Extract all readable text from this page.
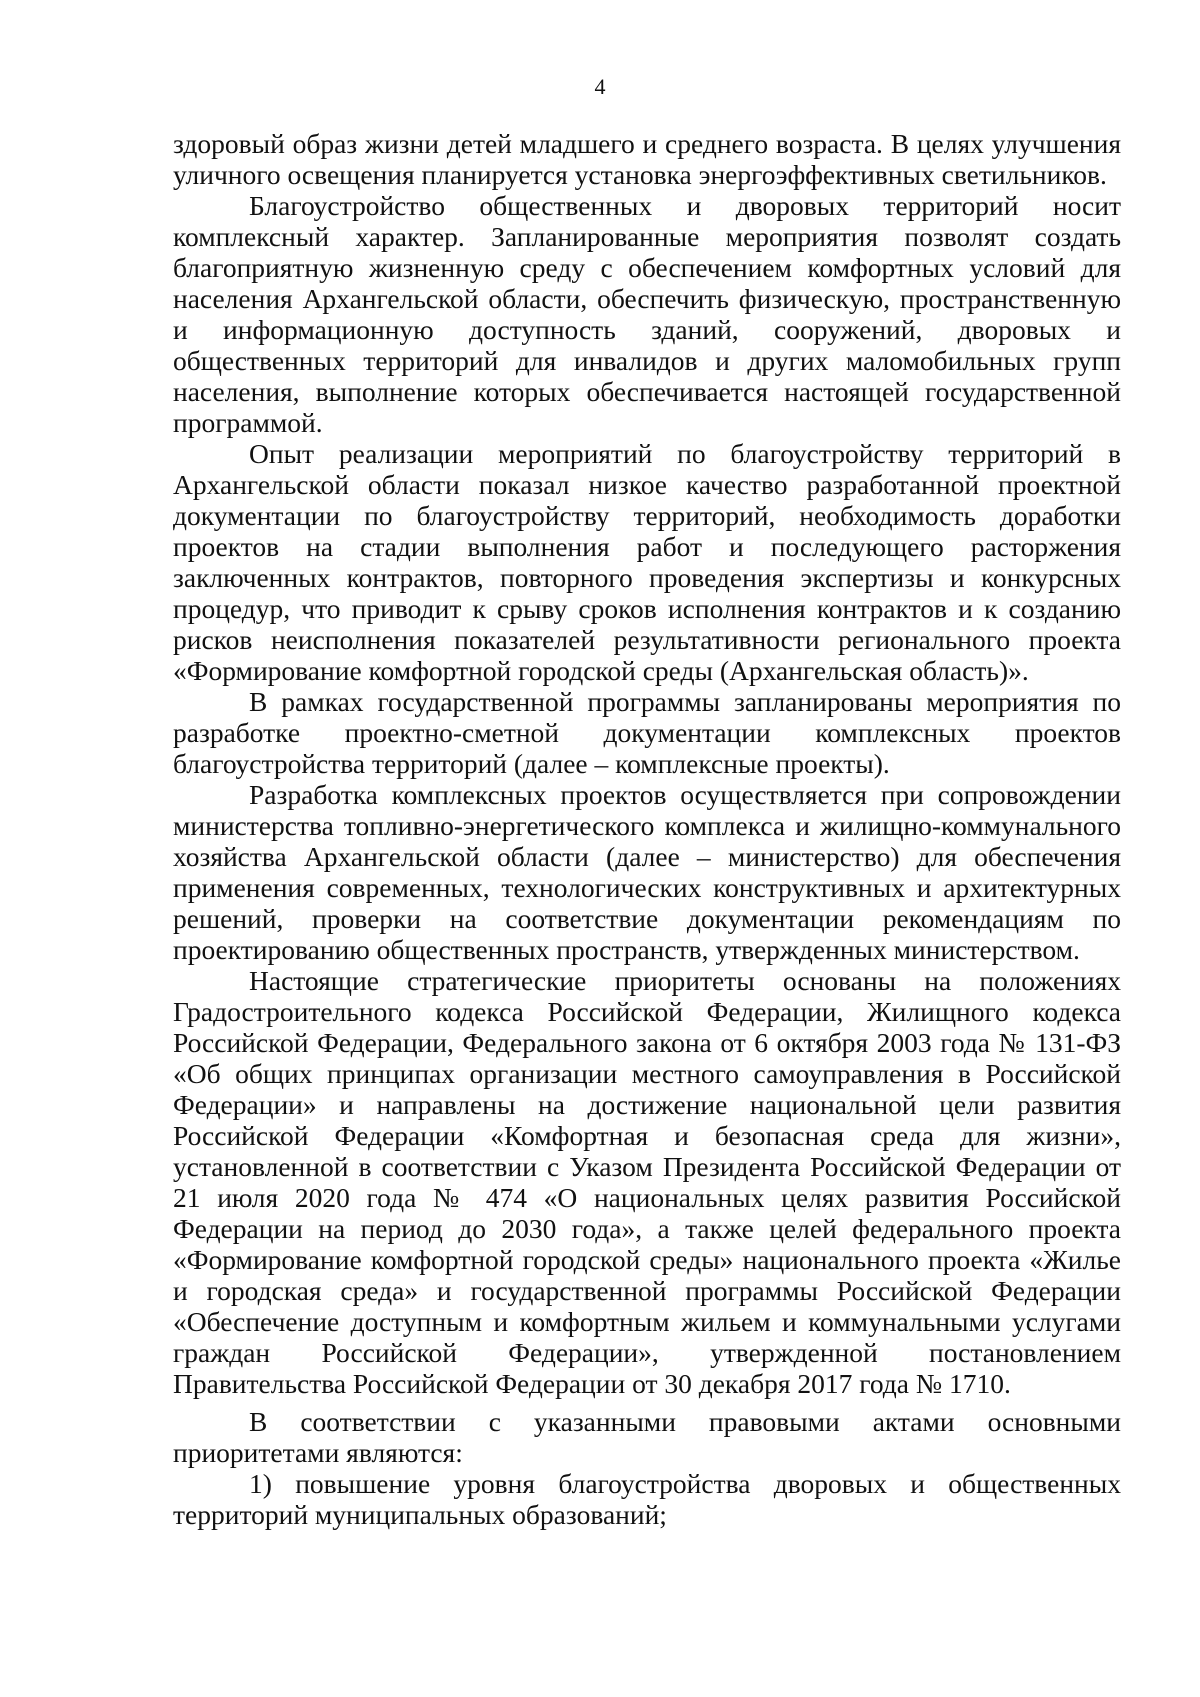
4

здоровый образ жизни детей младшего и среднего возраста. В целях улучшения уличного освещения планируется установка энергоэффективных светильников.

Благоустройство общественных и дворовых территорий носит комплексный характер. Запланированные мероприятия позволят создать благоприятную жизненную среду с обеспечением комфортных условий для населения Архангельской области, обеспечить физическую, пространственную и информационную доступность зданий, сооружений, дворовых и общественных территорий для инвалидов и других маломобильных групп населения, выполнение которых обеспечивается настоящей государственной программой.

Опыт реализации мероприятий по благоустройству территорий в Архангельской области показал низкое качество разработанной проектной документации по благоустройству территорий, необходимость доработки проектов на стадии выполнения работ и последующего расторжения заключенных контрактов, повторного проведения экспертизы и конкурсных процедур, что приводит к срыву сроков исполнения контрактов и к созданию рисков неисполнения показателей результативности регионального проекта «Формирование комфортной городской среды (Архангельская область)».

В рамках государственной программы запланированы мероприятия по разработке проектно-сметной документации комплексных проектов благоустройства территорий (далее – комплексные проекты).

Разработка комплексных проектов осуществляется при сопровождении министерства топливно-энергетического комплекса и жилищно-коммунального хозяйства Архангельской области (далее – министерство) для обеспечения применения современных, технологических конструктивных и архитектурных решений, проверки на соответствие документации рекомендациям по проектированию общественных пространств, утвержденных министерством.

Настоящие стратегические приоритеты основаны на положениях Градостроительного кодекса Российской Федерации, Жилищного кодекса Российской Федерации, Федерального закона от 6 октября 2003 года № 131-ФЗ «Об общих принципах организации местного самоуправления в Российской Федерации» и направлены на достижение национальной цели развития Российской Федерации «Комфортная и безопасная среда для жизни», установленной в соответствии с Указом Президента Российской Федерации от 21 июля 2020 года № 474 «О национальных целях развития Российской Федерации на период до 2030 года», а также целей федерального проекта «Формирование комфортной городской среды» национального проекта «Жилье и городская среда» и государственной программы Российской Федерации «Обеспечение доступным и комфортным жильем и коммунальными услугами граждан Российской Федерации», утвержденной постановлением Правительства Российской Федерации от 30 декабря 2017 года № 1710.

В соответствии с указанными правовыми актами основными приоритетами являются:

1) повышение уровня благоустройства дворовых и общественных территорий муниципальных образований;
